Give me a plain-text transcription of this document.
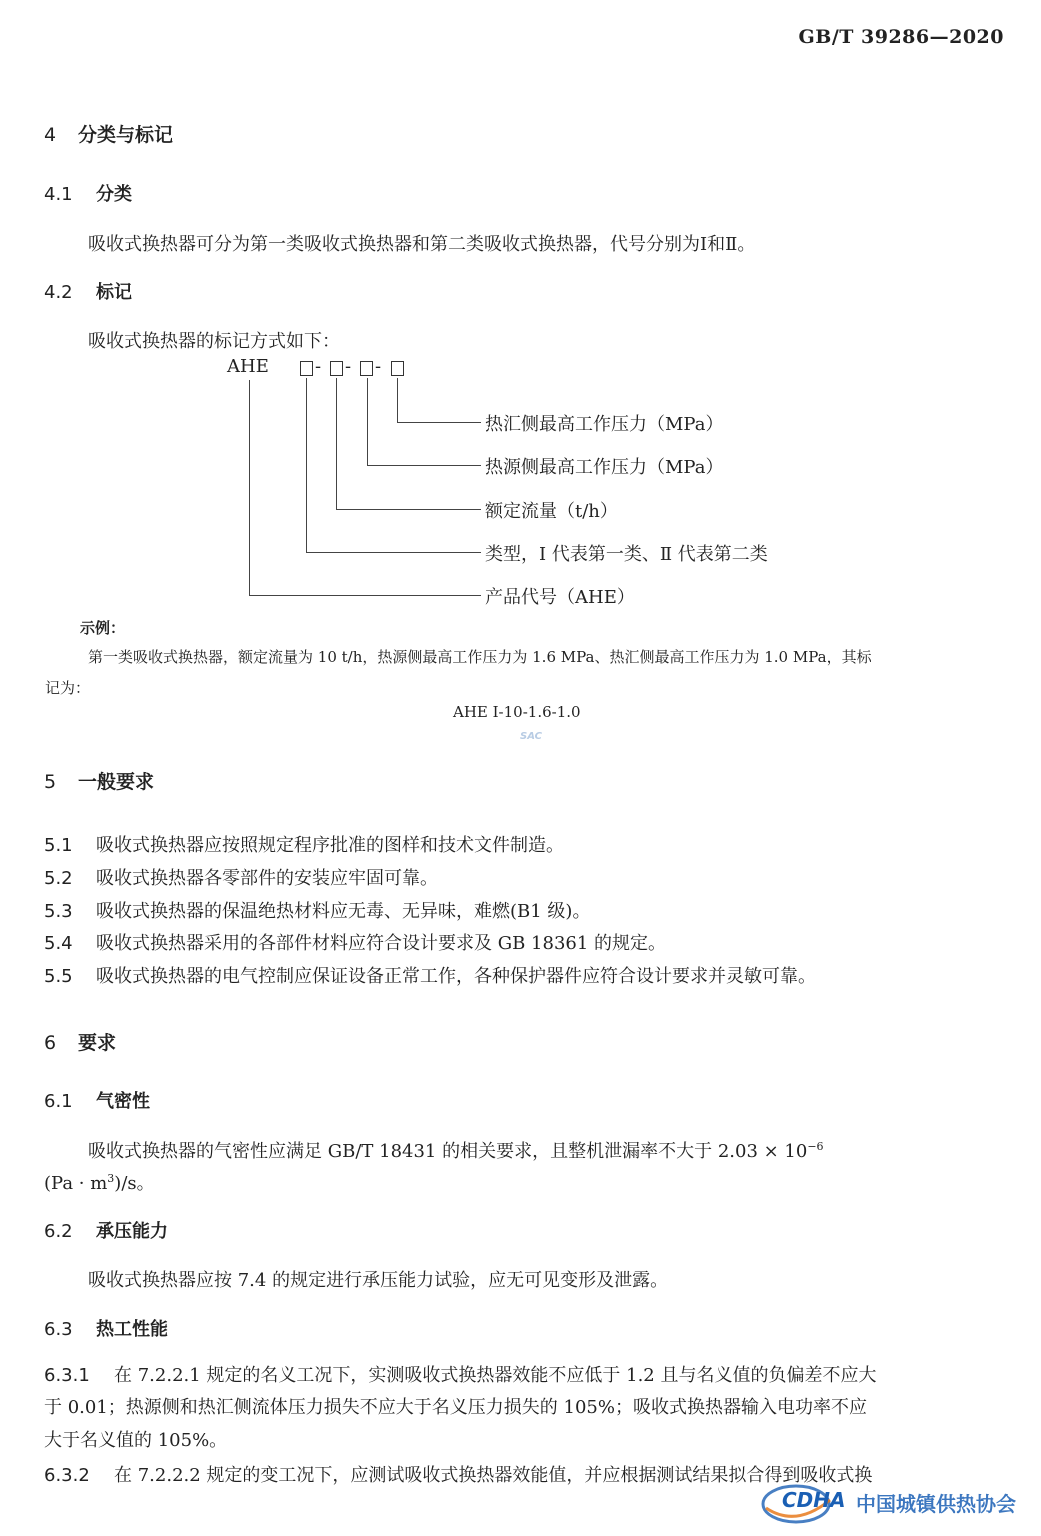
GB/T 39286—2020
4 分类与标记
4.1 分类
吸收式换热器可分为第一类吸收式换热器和第二类吸收式换热器，代号分别为Ⅰ和Ⅱ。
4.2 标记
吸收式换热器的标记方式如下：
AHE	- - -
热汇侧最高工作压力（MPa）
热源侧最高工作压力（MPa）
额定流量（t/h）
类型，Ⅰ 代表第一类、Ⅱ 代表第二类
产品代号（AHE）
示例：
第一类吸收式换热器，额定流量为 10 t/h，热源侧最高工作压力为 1.6 MPa、热汇侧最高工作压力为 1.0 MPa，其标
记为：
AHE Ⅰ-10-1.6-1.0
SAC
5 一般要求
5.1 吸收式换热器应按照规定程序批准的图样和技术文件制造。
5.2 吸收式换热器各零部件的安装应牢固可靠。
5.3 吸收式换热器的保温绝热材料应无毒、无异味，难燃(B1 级)。
5.4 吸收式换热器采用的各部件材料应符合设计要求及 GB 18361 的规定。
5.5 吸收式换热器的电气控制应保证设备正常工作，各种保护器件应符合设计要求并灵敏可靠。
6 要求
6.1 气密性
吸收式换热器的气密性应满足 GB/T 18431 的相关要求，且整机泄漏率不大于 $2.03 \times 10^{-6}$
$(Pa \cdot m^3)/s$。
6.2 承压能力
吸收式换热器应按 7.4 的规定进行承压能力试验，应无可见变形及泄露。
6.3 热工性能
6.3.1 在 7.2.2.1 规定的名义工况下，实测吸收式换热器效能不应低于 1.2 且与名义值的负偏差不应大
于 0.01；热源侧和热汇侧流体压力损失不应大于名义压力损失的 105%；吸收式换热器输入电功率不应
大于名义值的 105%。
6.3.2 在 7.2.2.2 规定的变工况下，应测试吸收式换热器效能值，并应根据测试结果拟合得到吸收式换
CDHA 中国城镇供热协会
